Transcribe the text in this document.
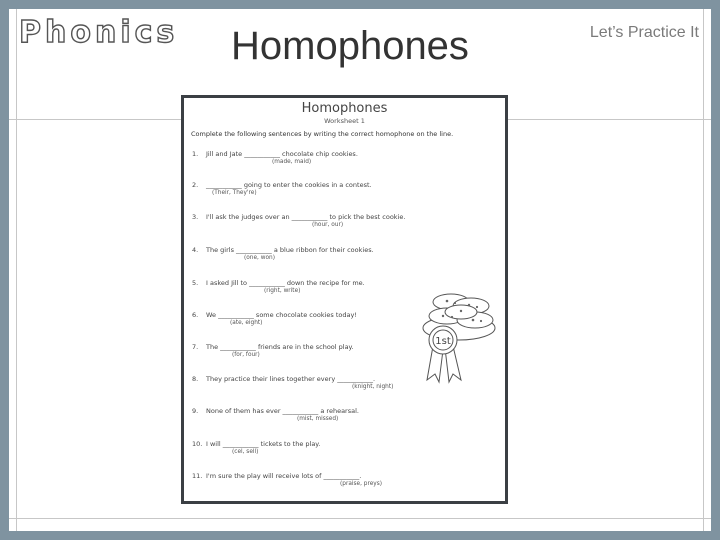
Phonics Homophones	Let’s Practice It
Homophones
Worksheet 1
Complete the following sentences by writing the correct homophone on the line.
1. Jill and Jate ___________ chocolate chip cookies.
(made, maid)
2. ___________ going to enter the cookies in a contest.
(Their, They're)
3. I'll ask the judges over an ___________ to pick the best cookie.
(hour, our)
4. The girls ___________ a blue ribbon for their cookies.
(one, won)
5. I asked Jill to ___________ down the recipe for me.
(right, write)
6. We ___________ some chocolate cookies today!
(ate, eight)
7. The ___________ friends are in the school play.
(for, four)
8. They practice their lines together every ___________.
(knight, night)
9. None of them has ever ___________ a rehearsal.
(mist, missed)
10. I will ___________ tickets to the play.
(cel, sell)
11. I'm sure the play will receive lots of ___________.
(praise, preys)
1st
